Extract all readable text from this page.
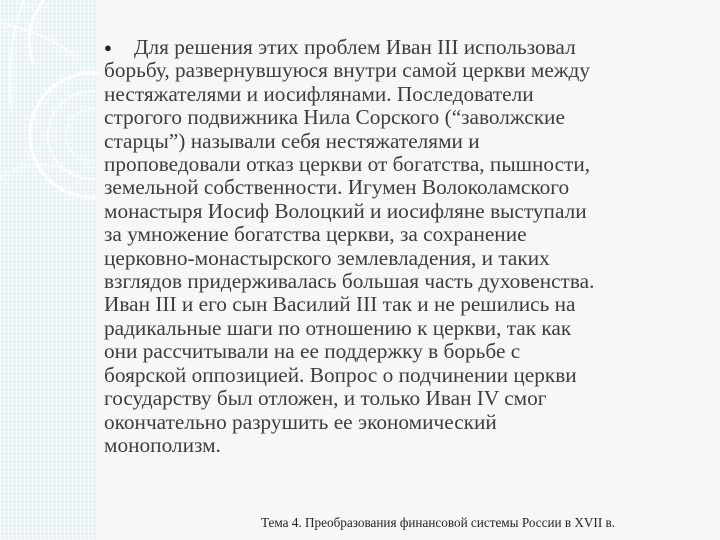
●	Для решения этих проблем Иван III использовал
борьбу, развернувшуюся внутри самой церкви между
нестяжателями и иосифлянами. Последователи
строгого подвижника Нила Сорского (“заволжские
старцы”) называли себя нестяжателями и
проповедовали отказ церкви от богатства, пышности,
земельной собственности. Игумен Волоколамского
монастыря Иосиф Волоцкий и иосифляне выступали
за умножение богатства церкви, за сохранение
церковно-монастырского землевладения, и таких
взглядов придерживалась большая часть духовенства.
Иван III и его сын Василий III так и не решились на
радикальные шаги по отношению к церкви, так как
они рассчитывали на ее поддержку в борьбе с
боярской оппозицией. Вопрос о подчинении церкви
государству был отложен, и только Иван IV смог
окончательно разрушить ее экономический
монополизм.
Тема 4. Преобразования финансовой системы России в XVII в.
